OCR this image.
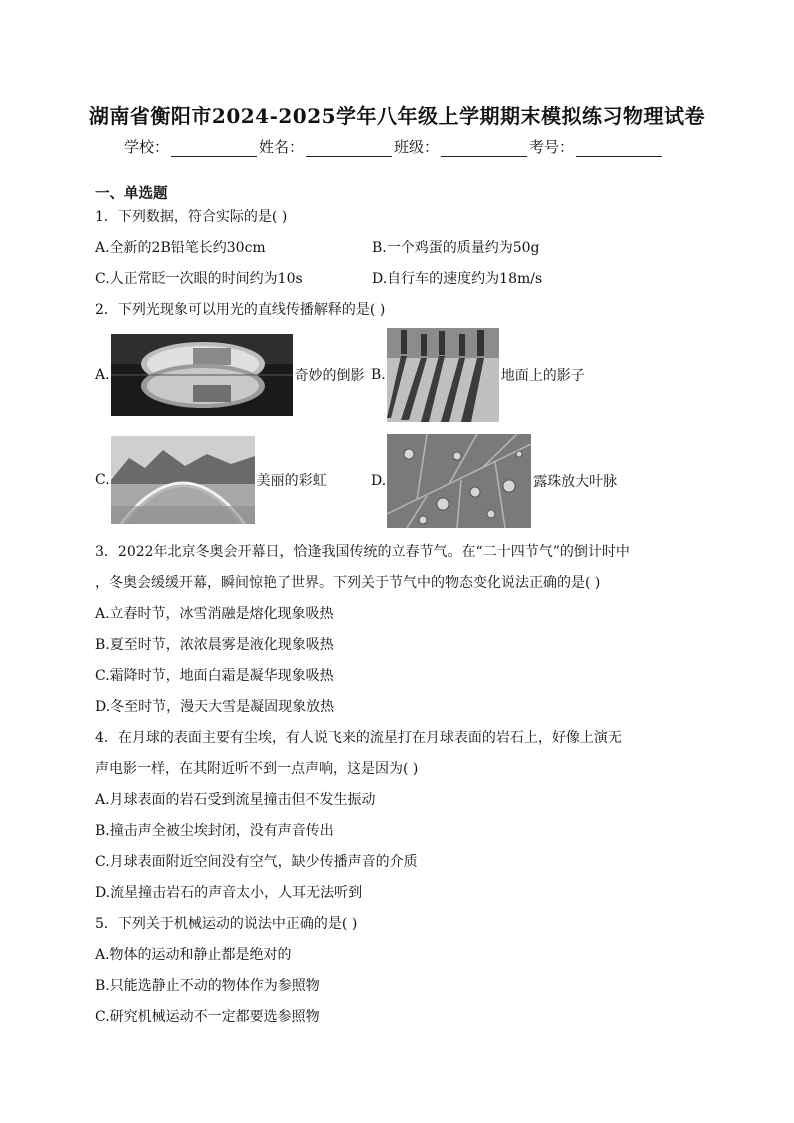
湖南省衡阳市2024-2025学年八年级上学期期末模拟练习物理试卷
学校：	姓名：	班级：	考号：
一、单选题
1．下列数据，符合实际的是( )
A.全新的2B铅笔长约30cm	B.一个鸡蛋的质量约为50g
C.人正常眨一次眼的时间约为10s	D.自行车的速度约为18m/s
2．下列光现象可以用光的直线传播解释的是( )
A.	奇妙的倒影 B.	地面上的影子
C.	美丽的彩虹	D.	露珠放大叶脉
3．2022年北京冬奥会开幕日，恰逢我国传统的立春节气。在“二十四节气”的倒计时中
，冬奥会缓缓开幕，瞬间惊艳了世界。下列关于节气中的物态变化说法正确的是( )
A.立春时节，冰雪消融是熔化现象吸热
B.夏至时节，浓浓晨雾是液化现象吸热
C.霜降时节，地面白霜是凝华现象吸热
D.冬至时节，漫天大雪是凝固现象放热
4．在月球的表面主要有尘埃，有人说飞来的流星打在月球表面的岩石上，好像上演无
声电影一样，在其附近听不到一点声响，这是因为( )
A.月球表面的岩石受到流星撞击但不发生振动
B.撞击声全被尘埃封闭，没有声音传出
C.月球表面附近空间没有空气，缺少传播声音的介质
D.流星撞击岩石的声音太小，人耳无法听到
5．下列关于机械运动的说法中正确的是( )
A.物体的运动和静止都是绝对的
B.只能选静止不动的物体作为参照物
C.研究机械运动不一定都要选参照物
